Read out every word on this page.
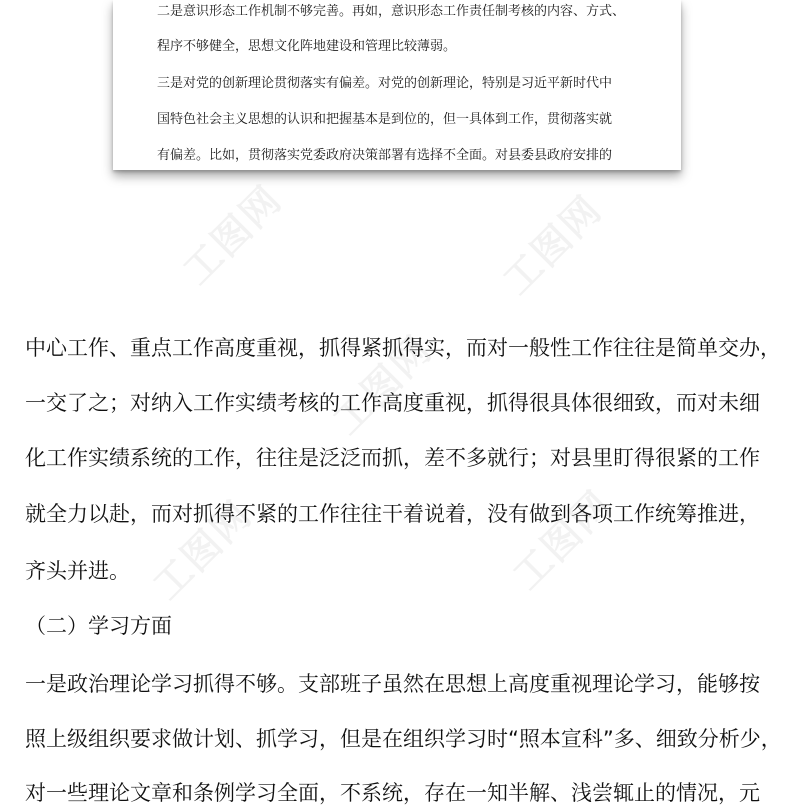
二是意识形态工作机制不够完善。再如，意识形态工作责任制考核的内容、方式、
程序不够健全，思想文化阵地建设和管理比较薄弱。
三是对党的创新理论贯彻落实有偏差。对党的创新理论，特别是习近平新时代中
国特色社会主义思想的认识和把握基本是到位的，但一具体到工作，贯彻落实就
有偏差。比如，贯彻落实党委政府决策部署有选择不全面。对县委县政府安排的
工图网	工图网
工图网
工图网	工图网
中心工作、重点工作高度重视，抓得紧抓得实，而对一般性工作往往是简单交办，
一交了之；对纳入工作实绩考核的工作高度重视，抓得很具体很细致，而对未细
化工作实绩系统的工作，往往是泛泛而抓，差不多就行；对县里盯得很紧的工作
就全力以赴，而对抓得不紧的工作往往干着说着，没有做到各项工作统筹推进，
齐头并进。
（二）学习方面
一是政治理论学习抓得不够。支部班子虽然在思想上高度重视理论学习，能够按
照上级组织要求做计划、抓学习，但是在组织学习时“照本宣科”多、细致分析少，
对一些理论文章和条例学习全面，不系统，存在一知半解、浅尝辄止的情况，元
